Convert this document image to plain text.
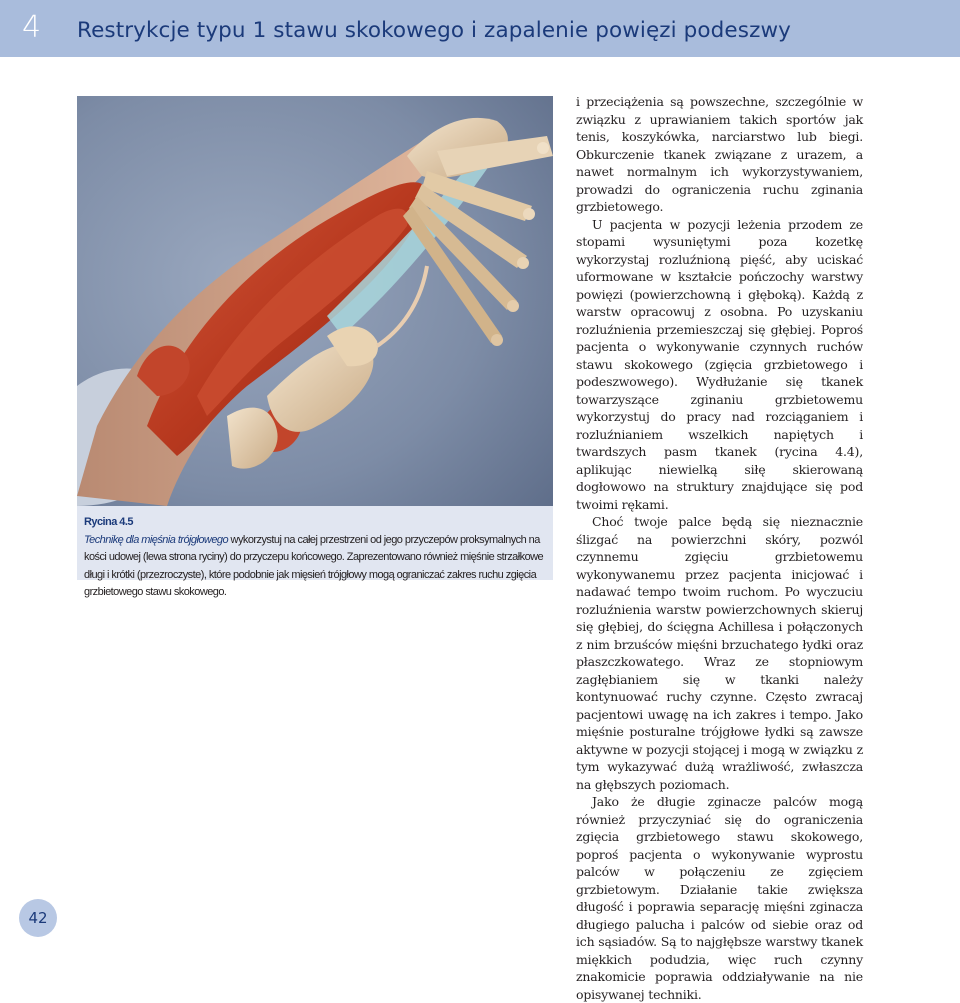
4 Restrykcje typu 1 stawu skokowego i zapalenie powięzi podeszwy
Rycina 4.5
Technikę dla mięśnia trójgłowego wykorzystuj na całej przestrzeni od jego przyczepów proksymalnych na kości udowej (lewa strona ryciny) do przyczepu końcowego. Zaprezentowano również mięśnie strzałkowe długi i krótki (przezroczyste), które podobnie jak mięsień trójgłowy mogą ograniczać zakres ruchu zgięcia grzbietowego stawu skokowego.

i przeciążenia są powszechne, szczególnie w związku z uprawianiem takich sportów jak tenis, koszykówka, narciarstwo lub biegi. Obkurczenie tkanek związane z urazem, a nawet normalnym ich wykorzystywaniem, prowadzi do ograniczenia ruchu zginania grzbietowego.

U pacjenta w pozycji leżenia przodem ze stopami wysuniętymi poza kozetkę wykorzystaj rozluźnioną pięść, aby uciskać uformowane w kształcie pończochy warstwy powięzi (powierzchowną i głęboką). Każdą z warstw opracowuj z osobna. Po uzyskaniu rozluźnienia przemieszczaj się głębiej. Poproś pacjenta o wykonywanie czynnych ruchów stawu skokowego (zgięcia grzbietowego i podeszwowego). Wydłużanie się tkanek towarzyszące zginaniu grzbietowemu wykorzystuj do pracy nad rozciąganiem i rozluźnianiem wszelkich napiętych i twardszych pasm tkanek (rycina 4.4), aplikując niewielką siłę skierowaną dogłowowo na struktury znajdujące się pod twoimi rękami.

Choć twoje palce będą się nieznacznie ślizgać na powierzchni skóry, pozwól czynnemu zgięciu grzbietowemu wykonywanemu przez pacjenta inicjować i nadawać tempo twoim ruchom. Po wyczuciu rozluźnienia warstw powierzchownych skieruj się głębiej, do ścięgna Achillesa i połączonych z nim brzuśców mięśni brzuchatego łydki oraz płaszczkowatego. Wraz ze stopniowym zagłębianiem się w tkanki należy kontynuować ruchy czynne. Często zwracaj pacjentowi uwagę na ich zakres i tempo. Jako mięśnie posturalne trójgłowe łydki są zawsze aktywne w pozycji stojącej i mogą w związku z tym wykazywać dużą wrażliwość, zwłaszcza na głębszych poziomach.

Jako że długie zginacze palców mogą również przyczyniać się do ograniczenia zgięcia grzbietowego stawu skokowego, poproś pacjenta o wykonywanie wyprostu palców w połączeniu ze zgięciem grzbietowym. Działanie takie zwiększa długość i poprawia separację mięśni zginacza długiego palucha i palców od siebie oraz od ich sąsiadów. Są to najgłębsze warstwy tkanek miękkich podudzia, więc ruch czynny znakomicie poprawia oddziaływanie na nie opisywanej techniki.

42
